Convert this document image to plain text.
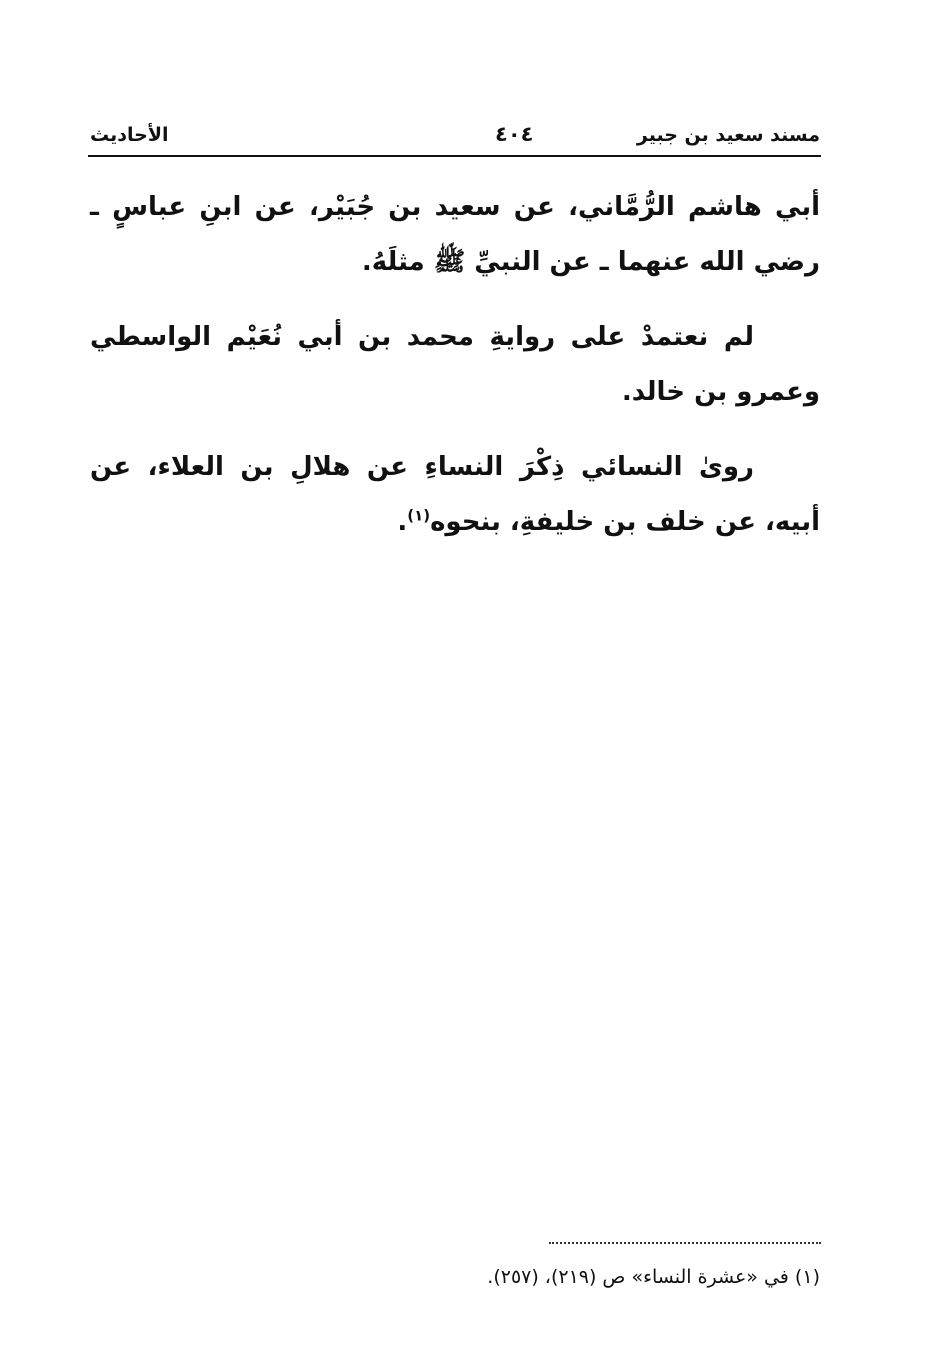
مسند سعيد بن جبير
٤٠٤
الأحاديث

أبي هاشم الرُّمَّاني، عن سعيد بن جُبَيْر، عن ابنِ عباسٍ ـ رضي الله عنهما ـ عن النبيِّ ﷺ مثلَهُ.

لم نعتمدْ على روايةِ محمد بن أبي نُعَيْم الواسطي وعمرو بن خالد.

روىٰ النسائي ذِكْرَ النساءِ عن هلالِ بن العلاء، عن أبيه، عن خلف بن خليفةِ، بنحوه$^{(١)}$.

(١) في «عشرة النساء» ص (٢١٩)، (٢٥٧).
